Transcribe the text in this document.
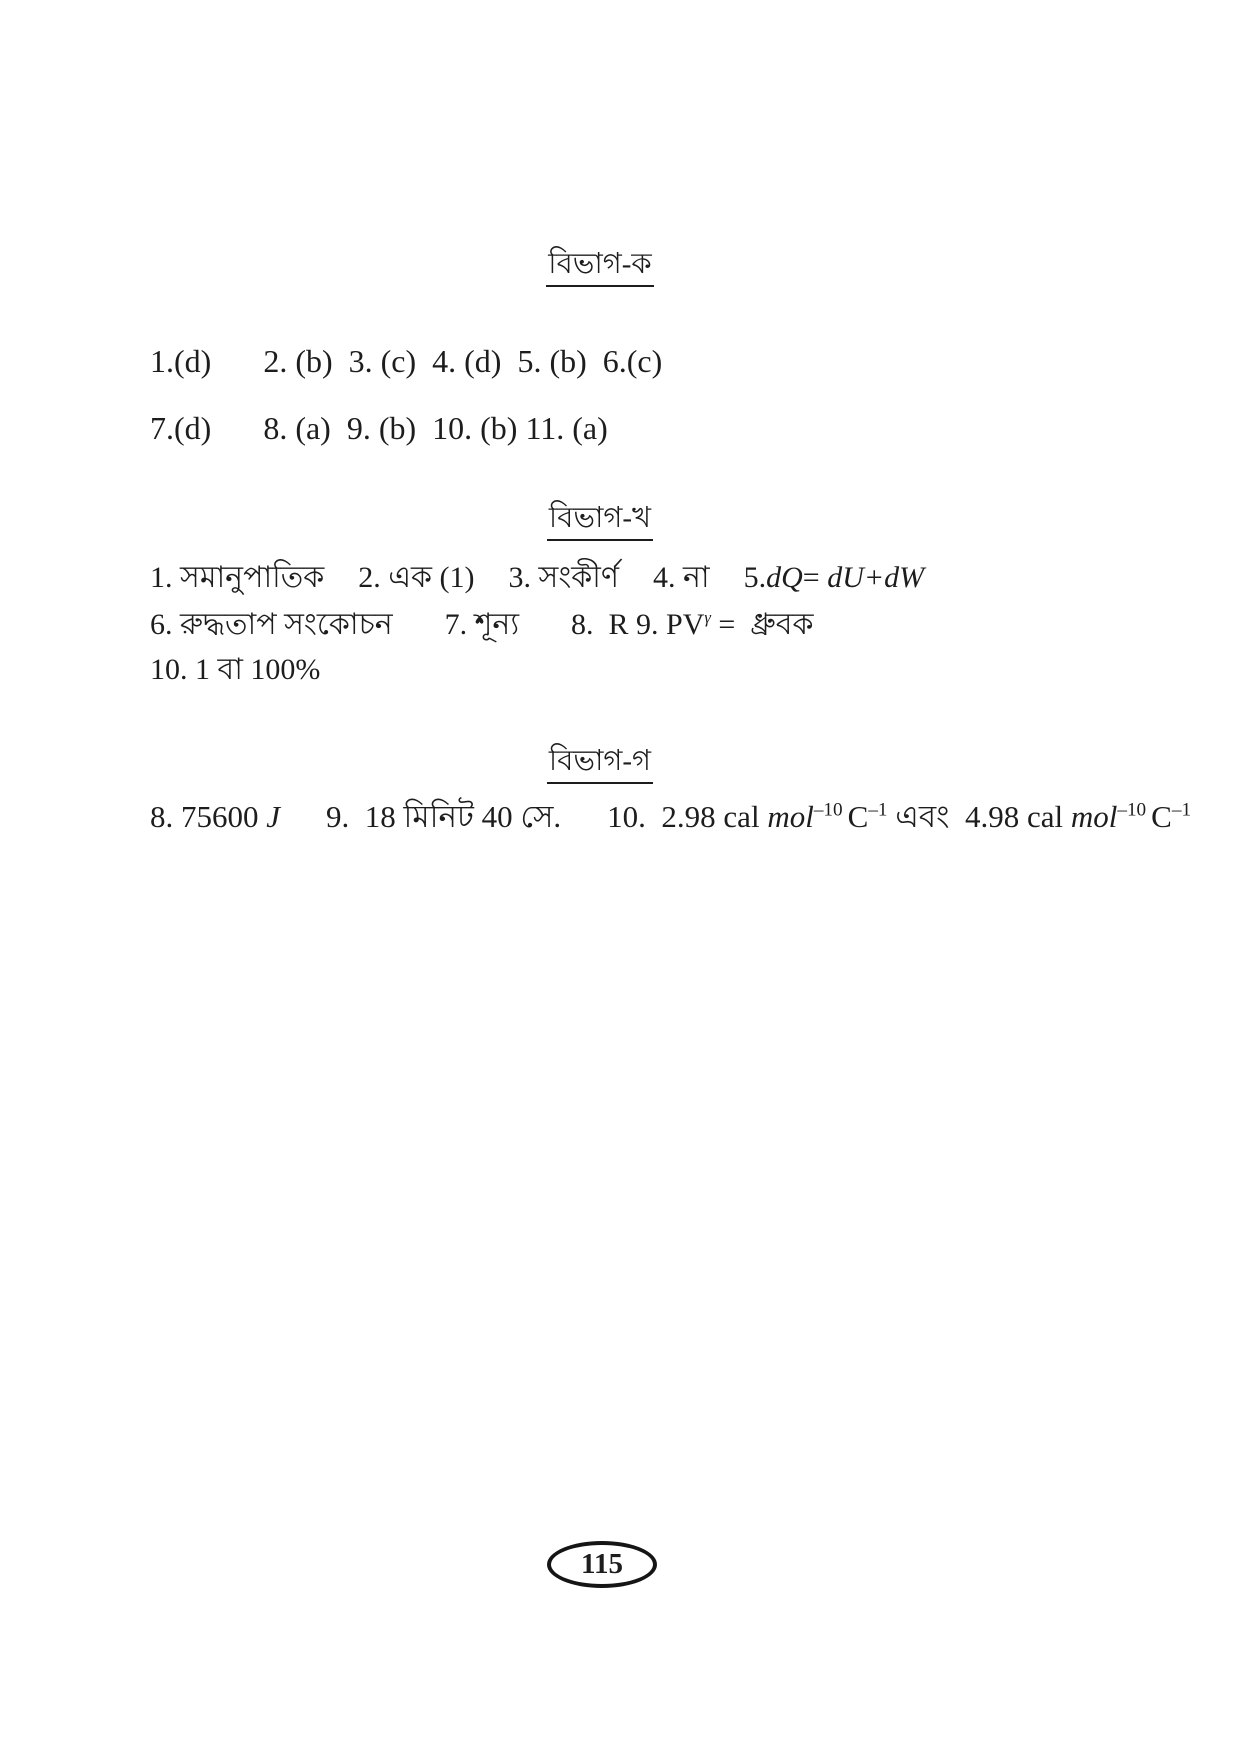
বিভাগ-ক
1.(d) 2. (b) 3. (c) 4. (d) 5. (b) 6.(c)
7.(d) 8. (a) 9. (b) 10. (b) 11. (a)
বিভাগ-খ
1. সমানুপাতিক 2. এক (1) 3. সংকীর্ণ 4. না 5.dQ= dU+dW
6. রুদ্ধতাপ সংকোচন 7. শূন্য 8.  R 9. $PV^\gamma$ =  ধ্রুবক
10. 1 বা 100%
বিভাগ-গ
8. 75600 J 9.  18 মিনিট 40 সে. 10.  2.98 cal mol$^{-10}$ $C^{-1}$ এবং  4.98 cal mol$^{-10}$ $C^{-1}$
115
